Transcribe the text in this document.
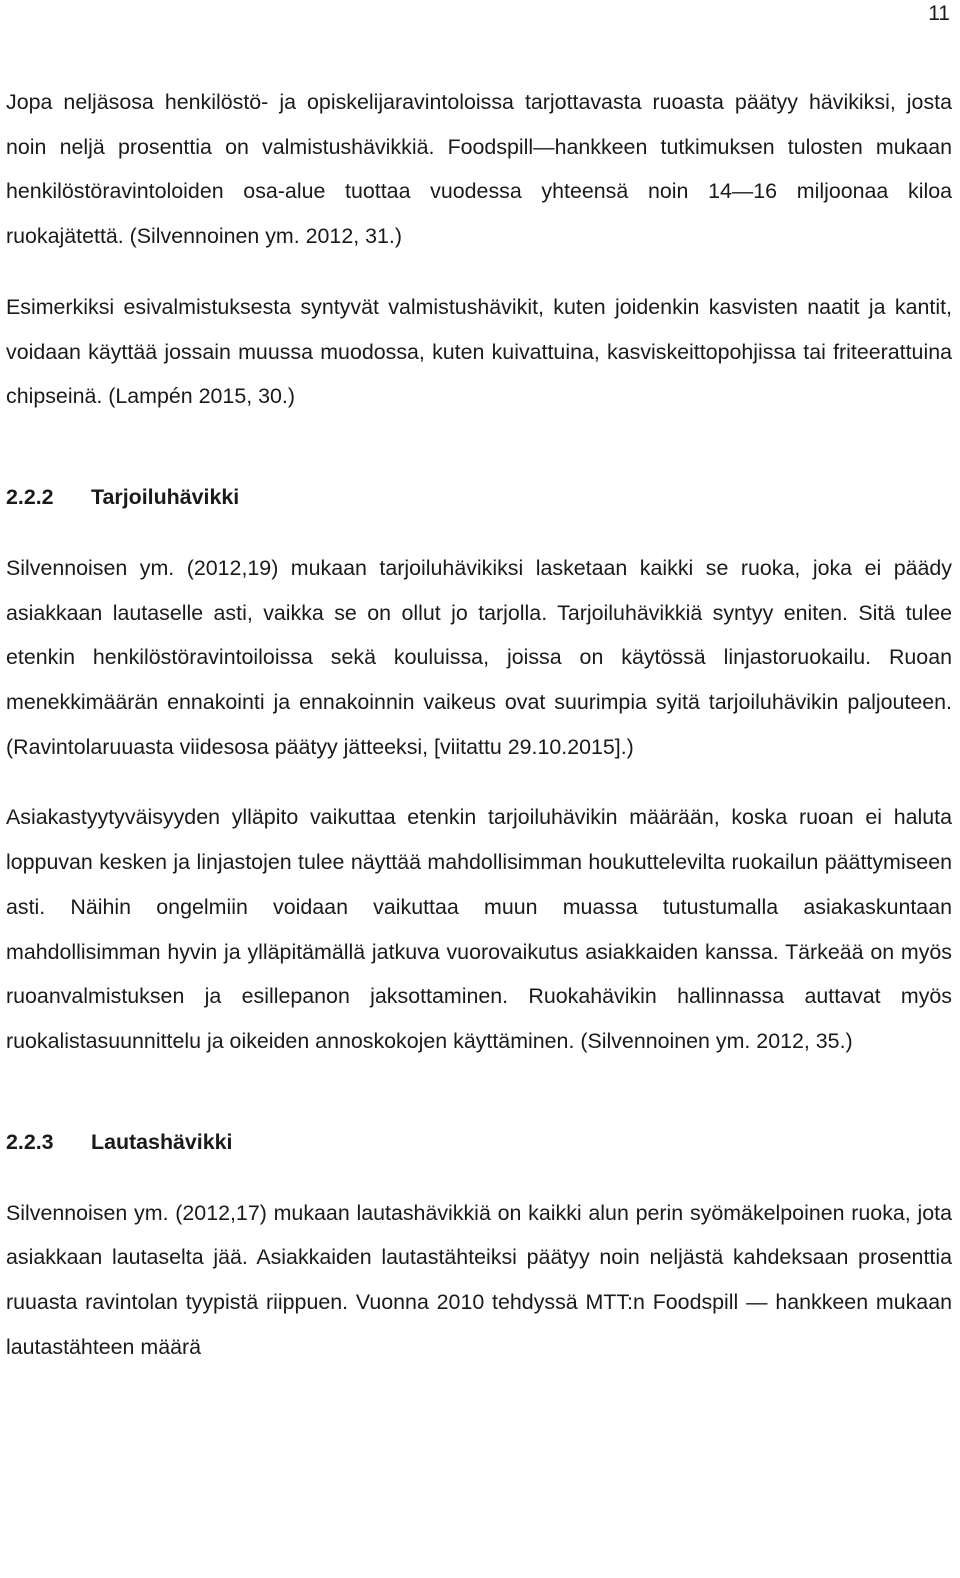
11

Jopa neljäsosa henkilöstö- ja opiskelijaravintoloissa tarjottavasta ruoasta päätyy hävikiksi, josta noin neljä prosenttia on valmistushävikkiä. Foodspill—hankkeen tutkimuksen tulosten mukaan henkilöstöravintoloiden osa-alue tuottaa vuodessa yhteensä noin 14—16 miljoonaa kiloa ruokajätettä. (Silvennoinen ym. 2012, 31.)

Esimerkiksi esivalmistuksesta syntyvät valmistushävikit, kuten joidenkin kasvisten naatit ja kantit, voidaan käyttää jossain muussa muodossa, kuten kuivattuina, kasviskeittopohjissa tai friteerattuina chipseinä. (Lampén 2015, 30.)

2.2.2 Tarjoiluhävikki

Silvennoisen ym. (2012,19) mukaan tarjoiluhävikiksi lasketaan kaikki se ruoka, joka ei päädy asiakkaan lautaselle asti, vaikka se on ollut jo tarjolla. Tarjoiluhävikkiä syntyy eniten. Sitä tulee etenkin henkilöstöravintoiloissa sekä kouluissa, joissa on käytössä linjastoruokailu. Ruoan menekkimäärän ennakointi ja ennakoinnin vaikeus ovat suurimpia syitä tarjoiluhävikin paljouteen. (Ravintolaruuasta viidesosa päätyy jätteeksi, [viitattu 29.10.2015].)

Asiakastyytyväisyyden ylläpito vaikuttaa etenkin tarjoiluhävikin määrään, koska ruoan ei haluta loppuvan kesken ja linjastojen tulee näyttää mahdollisimman houkuttelevilta ruokailun päättymiseen asti. Näihin ongelmiin voidaan vaikuttaa muun muassa tutustumalla asiakaskuntaan mahdollisimman hyvin ja ylläpitämällä jatkuva vuorovaikutus asiakkaiden kanssa. Tärkeää on myös ruoanvalmistuksen ja esillepanon jaksottaminen. Ruokahävikin hallinnassa auttavat myös ruokalistasuunnittelu ja oikeiden annoskokojen käyttäminen. (Silvennoinen ym. 2012, 35.)

2.2.3 Lautashävikki

Silvennoisen ym. (2012,17) mukaan lautashävikkiä on kaikki alun perin syömäkelpoinen ruoka, jota asiakkaan lautaselta jää. Asiakkaiden lautastähteiksi päätyy noin neljästä kahdeksaan prosenttia ruuasta ravintolan tyypistä riippuen. Vuonna 2010 tehdyssä MTT:n Foodspill — hankkeen mukaan lautastähteen määrä
